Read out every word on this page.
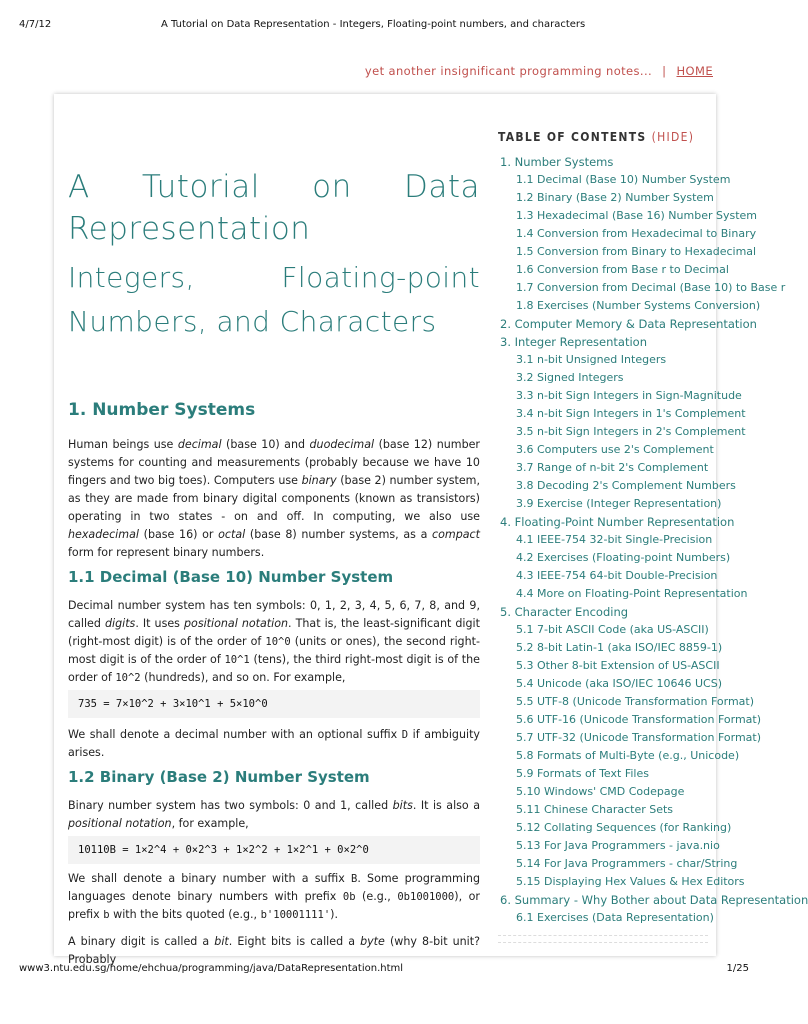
4/7/12	A Tutorial on Data Representation - Integers, Floating-point numbers, and characters
yet another insignificant programming notes... | HOME
A Tutorial on Data Representation
Integers, Floating-point Numbers, and Characters
1. Number Systems

Human beings use decimal (base 10) and duodecimal (base 12) number systems for counting and measurements (probably because we have 10 fingers and two big toes). Computers use binary (base 2) number system, as they are made from binary digital components (known as transistors) operating in two states - on and off. In computing, we also use hexadecimal (base 16) or octal (base 8) number systems, as a compact form for represent binary numbers.

1.1 Decimal (Base 10) Number System

Decimal number system has ten symbols: 0, 1, 2, 3, 4, 5, 6, 7, 8, and 9, called digits. It uses positional notation. That is, the least-significant digit (right-most digit) is of the order of 10^0 (units or ones), the second right-most digit is of the order of 10^1 (tens), the third right-most digit is of the order of 10^2 (hundreds), and so on. For example,

735 = 7×10^2 + 3×10^1 + 5×10^0

We shall denote a decimal number with an optional suffix D if ambiguity arises.

1.2 Binary (Base 2) Number System

Binary number system has two symbols: 0 and 1, called bits. It is also a positional notation, for example,

10110B = 1×2^4 + 0×2^3 + 1×2^2 + 1×2^1 + 0×2^0

We shall denote a binary number with a suffix B. Some programming languages denote binary numbers with prefix 0b (e.g., 0b1001000), or prefix b with the bits quoted (e.g., b'10001111').

A binary digit is called a bit. Eight bits is called a byte (why 8-bit unit? Probably

TABLE OF CONTENTS (HIDE)
1. Number Systems
1.1 Decimal (Base 10) Number System
1.2 Binary (Base 2) Number System
1.3 Hexadecimal (Base 16) Number System
1.4 Conversion from Hexadecimal to Binary
1.5 Conversion from Binary to Hexadecimal
1.6 Conversion from Base r to Decimal
1.7 Conversion from Decimal (Base 10) to Base r
1.8 Exercises (Number Systems Conversion)
2. Computer Memory & Data Representation
3. Integer Representation
3.1 n-bit Unsigned Integers
3.2 Signed Integers
3.3 n-bit Sign Integers in Sign-Magnitude
3.4 n-bit Sign Integers in 1's Complement
3.5 n-bit Sign Integers in 2's Complement
3.6 Computers use 2's Complement
3.7 Range of n-bit 2's Complement
3.8 Decoding 2's Complement Numbers
3.9 Exercise (Integer Representation)
4. Floating-Point Number Representation
4.1 IEEE-754 32-bit Single-Precision
4.2 Exercises (Floating-point Numbers)
4.3 IEEE-754 64-bit Double-Precision
4.4 More on Floating-Point Representation
5. Character Encoding
5.1 7-bit ASCII Code (aka US-ASCII)
5.2 8-bit Latin-1 (aka ISO/IEC 8859-1)
5.3 Other 8-bit Extension of US-ASCII
5.4 Unicode (aka ISO/IEC 10646 UCS)
5.5 UTF-8 (Unicode Transformation Format)
5.6 UTF-16 (Unicode Transformation Format)
5.7 UTF-32 (Unicode Transformation Format)
5.8 Formats of Multi-Byte (e.g., Unicode)
5.9 Formats of Text Files
5.10 Windows' CMD Codepage
5.11 Chinese Character Sets
5.12 Collating Sequences (for Ranking)
5.13 For Java Programmers - java.nio
5.14 For Java Programmers - char/String
5.15 Displaying Hex Values & Hex Editors
6. Summary - Why Bother about Data Representation
6.1 Exercises (Data Representation)
www3.ntu.edu.sg/home/ehchua/programming/java/DataRepresentation.html	1/25
